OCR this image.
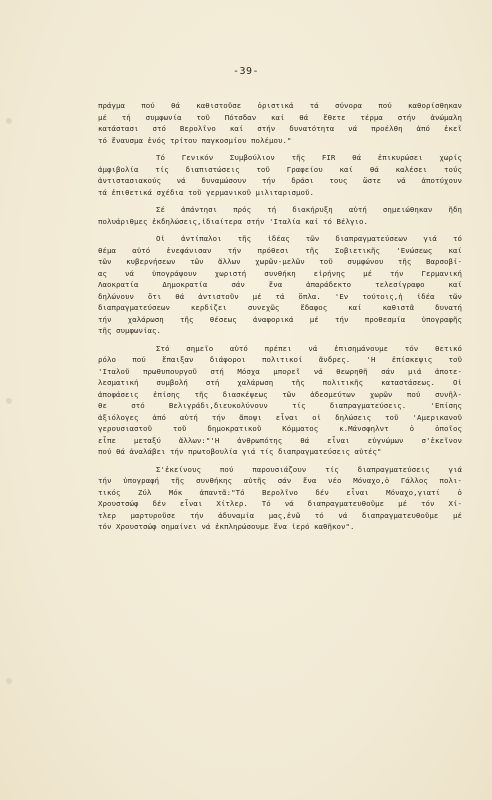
-39-
πράγμα πού θά καθιστοῦσε ὁριστικά τά σύνορα πού καθορίσθηκαν
μέ τή συμφωνία τοῦ Πότσδαν καί θά ἔθετε τέρμα στήν ἀνώμαλη
κατάστασι στό Βερολῖνο καί στήν δυνατότητα νά προέλθη ἀπό ἐκεῖ
τό ἔναυσμα ἑνός τρίτου παγκοσμίου πολέμου."
Τό Γενικόν Συμβούλιον τῆς FIR θά ἐπικυρώσει χωρίς
ἀμφιβολία τίς διαπιστώσεις τοῦ Γραφείου καί θά καλέσει τούς
ἀντιστασιακούς νά δυναμώσουν τήν δράσι τους ὥστε νά ἀποτύχουν
τά ἐπιθετικά σχέδια τοῦ γερμανικοῦ μιλιταρισμοῦ.
Σέ ἀπάντησι πρός τή διακήρυξη αὐτή σημειώθηκαν ἤδη
πολυάριθμες ἐκδηλώσεις,ἰδιαίτερα στήν 'Ιταλία καί τό Βέλγιο.
Οἱ ἀντίπαλοι τῆς ἰδέας τῶν διαπραγματεύσεων γιά τό
θέμα αὐτό ἐνεφάνισαν τήν πρόθεσι τῆς Σοβιετικῆς 'Ενώσεως καί
τῶν κυβερνήσεων τῶν ἄλλων χωρῶν-μελῶν τοῦ συμφώνου τῆς Βαρσοβί-
ας νά ὑπογράψουν χωριστή συνθήκη εἰρήνης μέ τήν Γερμανική
Λαοκρατία Δημοκρατία σάν ἕνα ἀπαράδεκτο τελεσίγραφο καί
δηλώνουν ὅτι θά ἀντιστοῦν μέ τά ὅπλα. 'Εν τούτοις,ἡ ἰδέα τῶν
διαπραγματεύσεων κερδίζει συνεχῶς ἔδαφος καί καθιστᾶ δυνατή
τήν χαλάρωση τῆς θέσεως ἀναφορικά μέ τήν προθεσμία ὑπογραφῆς
τῆς συμφωνίας.
Στό σημεῖο αὐτό πρέπει νά ἐπισημάνουμε τόν θετικό
ρόλο πού ἔπαιξαν διάφοροι πολιτικοί ἄνδρες. 'Η ἐπίσκεψις τοῦ
'Ιταλοῦ πρωθυπουργοῦ στή Μόσχα μπορεῖ νά θεωρηθῆ σάν μιά ἀποτε-
λεσματική συμβολή στή χαλάρωση τῆς πολιτικῆς καταστάσεως. Οἱ
ἀποφάσεις ἐπίσης τῆς διασκέψεως τῶν ἀδεσμεύτων χωρῶν πού συνῆλ-
θε στό Βελιγράδι,διευκολύνουν τίς διαπραγματεύσεις. 'Επίσης
ἀξιόλογες ἀπό αὐτή τήν ἄποψι εἶναι οἱ δηλώσεις τοῦ 'Αμερικανοῦ
γερουσιαστοῦ τοῦ δημοκρατικοῦ Κόμματος κ.Μάνσφηλντ ὁ ὁποῖος
εἶπε μεταξύ ἄλλων:"'Η ἀνθρωπότης θά εἶναι εὐγνώμων σ'ἐκεῖνον
πού θά ἀναλάβει τήν πρωτοβουλία γιά τίς διαπραγματεύσεις αὐτές"
Σ'ἐκείνους πού παρουσιάζουν τίς διαπραγματεύσεις γιά
τήν ὑπογραφή τῆς συνθήκης αὐτῆς σάν ἕνα νέο Μόναχο,ὁ Γάλλος πολι-
τικός Ζύλ Μόκ ἀπαντᾶ:"Τό Βερολῖνο δέν εἶναι Μόναχο,γιατί ὁ
Χρουστσώφ δέν εἶναι Χίτλερ. Τό νά διαπραγματευθοῦμε μέ τόν Χί-
τλερ μαρτυροῦσε τήν ἀδυναμία μας,ἐνῶ τό νά διαπραγματευθοῦμε μέ
τόν Χρουστσώφ σημαίνει νά ἐκπληρώσουμε ἕνα ἱερό καθῆκον".
